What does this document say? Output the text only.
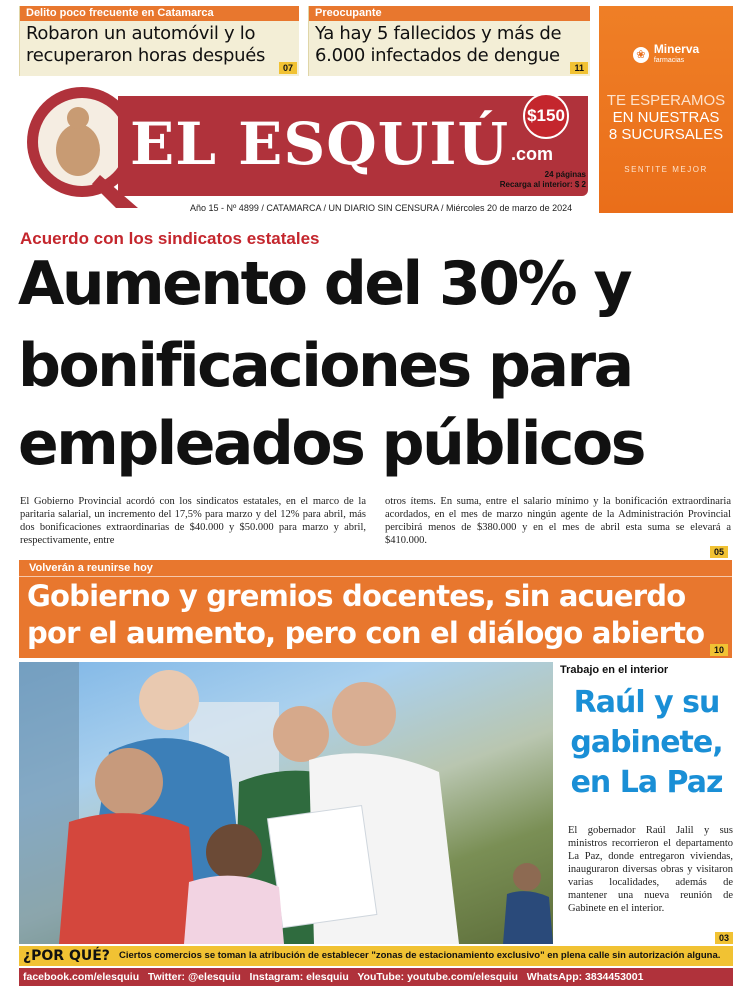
Delito poco frecuente en Catamarca
Robaron un automóvil y lo recuperaron horas después
07
Preocupante
Ya hay 5 fallecidos y más de 6.000 infectados de dengue
11
❀ Minerva
farmacias
TE ESPERAMOS
EN NUESTRAS
8 SUCURSALES
SENTITE MEJOR
EL ESQUIÚ .com
$150
24 páginas
Recarga al interior: $ 2
Año 15 - Nº 4899 / CATAMARCA / UN DIARIO SIN CENSURA / Miércoles 20 de marzo de 2024
Acuerdo con los sindicatos estatales
Aumento del 30% y
bonificaciones para
empleados públicos
El Gobierno Provincial acordó con los sindicatos estatales, en el marco de la paritaria salarial, un incremento del 17,5% para marzo y del 12% para abril, más dos bonificaciones extraordinarias de $40.000 y $50.000 para marzo y abril, respectivamente, entre
otros ítems. En suma, entre el salario mínimo y la bonificación extraordinaria acordados, en el mes de marzo ningún agente de la Administración Provincial percibirá menos de $380.000 y en el mes de abril esta suma se elevará a $410.000.
05
Volverán a reunirse hoy
Gobierno y gremios docentes, sin acuerdo
por el aumento, pero con el diálogo abierto	10
Trabajo en el interior
Raúl y su
gabinete,
en La Paz
El gobernador Raúl Jalil y sus ministros recorrieron el departamento La Paz, donde entregaron viviendas, inauguraron diversas obras y visitaron varias localidades, además de mantener una nueva reunión de Gabinete en el interior.
03
¿POR QUÉ? Ciertos comercios se toman la atribución de establecer "zonas de estacionamiento exclusivo" en plena calle sin autorización alguna.
facebook.com/elesquiu Twitter: @elesquiu Instagram: elesquiu YouTube: youtube.com/elesquiu WhatsApp: 3834453001
